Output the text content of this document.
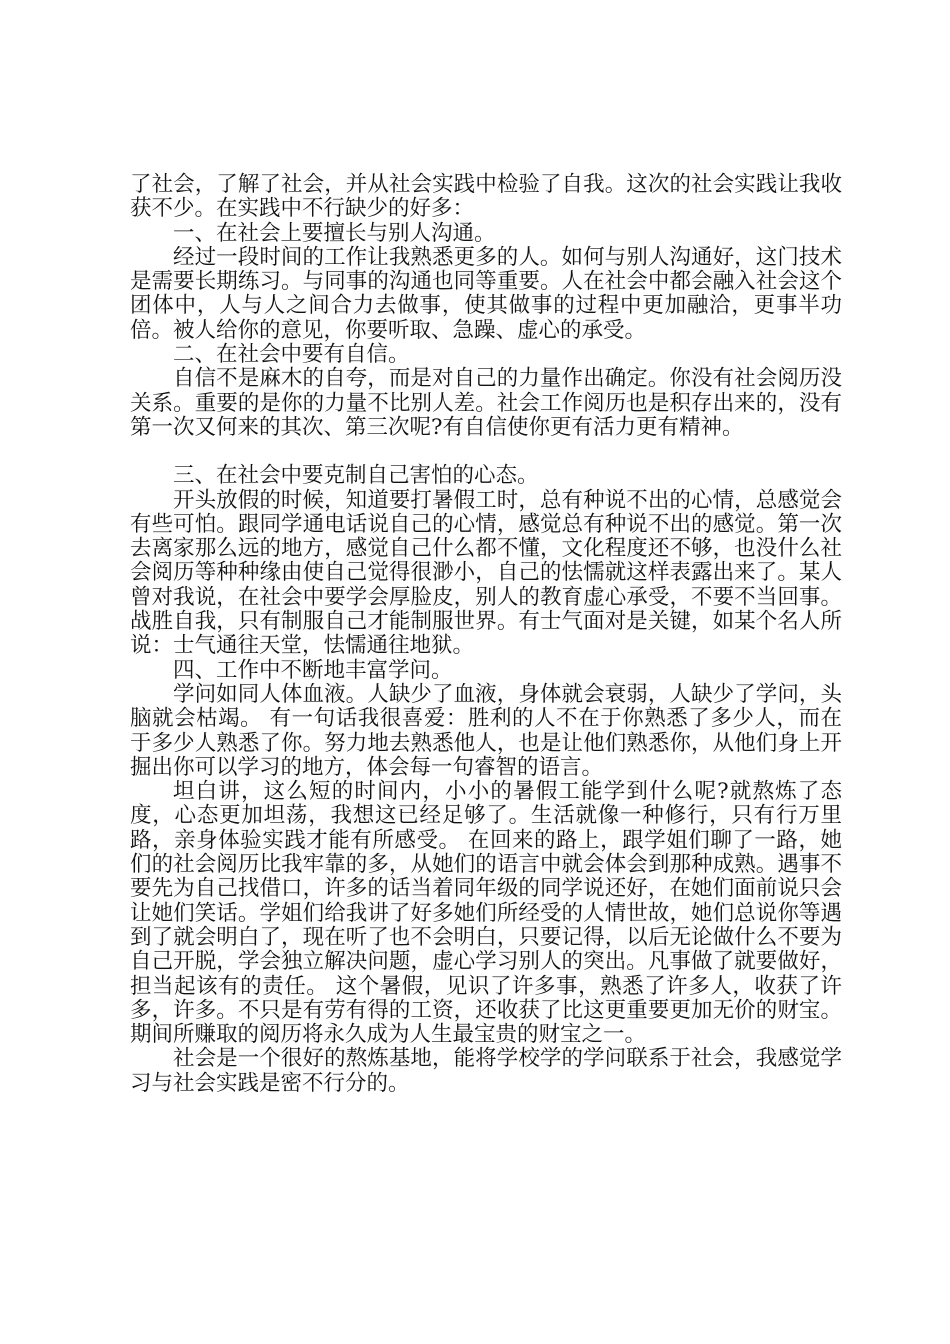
了社会，了解了社会，并从社会实践中检验了自我。这次的社会实践让我收获不少。在实践中不行缺少的好多：

一、在社会上要擅长与别人沟通。

经过一段时间的工作让我熟悉更多的人。如何与别人沟通好，这门技术是需要长期练习。与同事的沟通也同等重要。人在社会中都会融入社会这个团体中，人与人之间合力去做事，使其做事的过程中更加融洽，更事半功倍。被人给你的意见，你要听取、急躁、虚心的承受。

二、在社会中要有自信。

自信不是麻木的自夸，而是对自己的力量作出确定。你没有社会阅历没关系。重要的是你的力量不比别人差。社会工作阅历也是积存出来的，没有第一次又何来的其次、第三次呢?有自信使你更有活力更有精神。

三、在社会中要克制自己害怕的心态。

开头放假的时候，知道要打暑假工时，总有种说不出的心情，总感觉会有些可怕。跟同学通电话说自己的心情，感觉总有种说不出的感觉。第一次去离家那么远的地方，感觉自己什么都不懂，文化程度还不够，也没什么社会阅历等种种缘由使自己觉得很渺小，自己的怯懦就这样表露出来了。某人曾对我说，在社会中要学会厚脸皮，别人的教育虚心承受，不要不当回事。战胜自我，只有制服自己才能制服世界。有士气面对是关键，如某个名人所说：士气通往天堂，怯懦通往地狱。

四、工作中不断地丰富学问。

学问如同人体血液。人缺少了血液，身体就会衰弱，人缺少了学问，头脑就会枯竭。 有一句话我很喜爱：胜利的人不在于你熟悉了多少人，而在于多少人熟悉了你。努力地去熟悉他人，也是让他们熟悉你，从他们身上开掘出你可以学习的地方，体会每一句睿智的语言。

坦白讲，这么短的时间内，小小的暑假工能学到什么呢?就熬炼了态度，心态更加坦荡，我想这已经足够了。生活就像一种修行，只有行万里路，亲身体验实践才能有所感受。 在回来的路上，跟学姐们聊了一路，她们的社会阅历比我牢靠的多，从她们的语言中就会体会到那种成熟。遇事不要先为自己找借口，许多的话当着同年级的同学说还好，在她们面前说只会让她们笑话。学姐们给我讲了好多她们所经受的人情世故，她们总说你等遇到了就会明白了，现在听了也不会明白，只要记得，以后无论做什么不要为自己开脱，学会独立解决问题，虚心学习别人的突出。凡事做了就要做好，担当起该有的责任。 这个暑假，见识了许多事，熟悉了许多人，收获了许多，许多。不只是有劳有得的工资，还收获了比这更重要更加无价的财宝。期间所赚取的阅历将永久成为人生最宝贵的财宝之一。

社会是一个很好的熬炼基地，能将学校学的学问联系于社会，我感觉学习与社会实践是密不行分的。
